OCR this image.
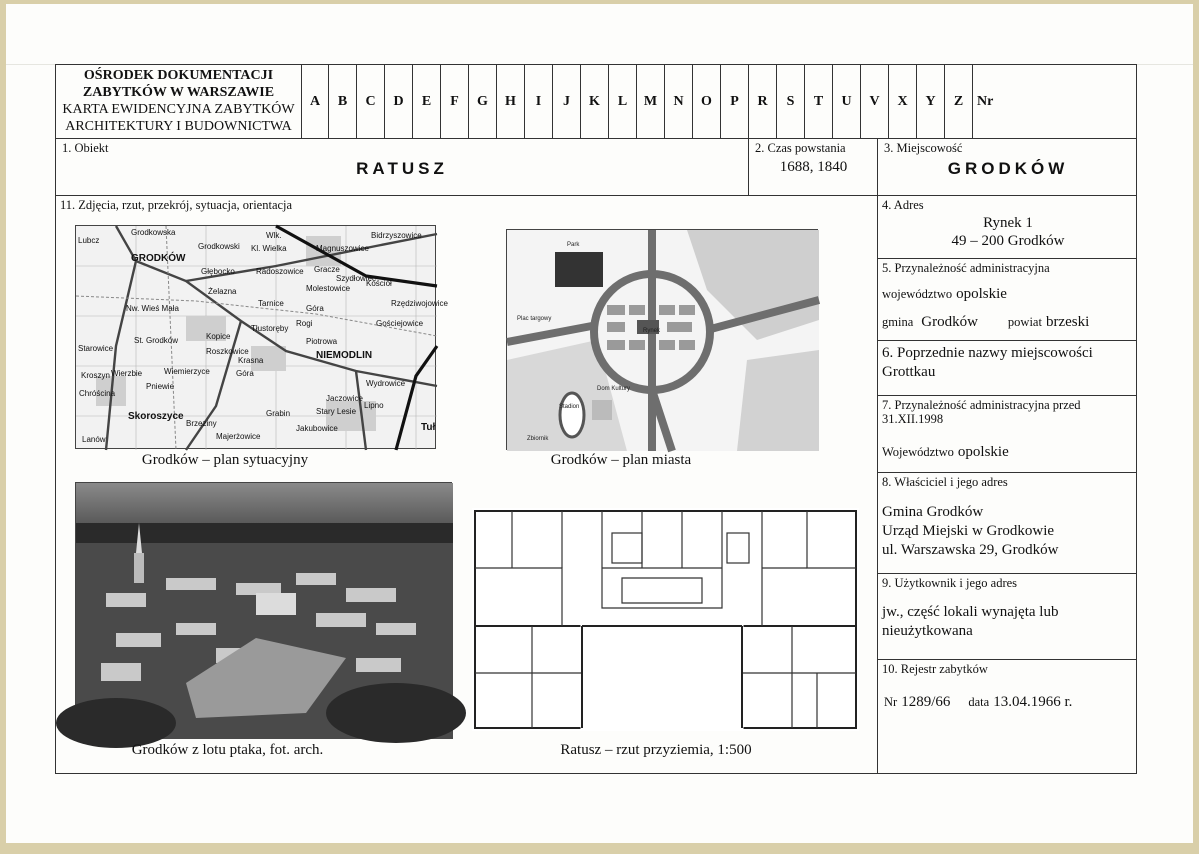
OŚRODEK DOKUMENTACJI
ZABYTKÓW W WARSZAWIE
KARTA EWIDENCYJNA ZABYTKÓW
ARCHITEKTURY I BUDOWNICTWA
A	B	C	D	E	F	G	H	I	J	K	L	M	N	O	P	R	S	T	U	V	X	Y	Z Nr
1. Obiekt
RATUSZ
2. Czas powstania
1688, 1840
3. Miejscowość
GRODKÓW
11. Zdjęcia, rzut, przekrój, sytuacja, orientacja	4. Adres
Rynek 1
49 – 200 Grodków
5. Przynależność administracyjna
województwo opolskie
gmina Grodków powiat brzeski
6. Poprzednie nazwy miejscowości
Grottkau
7. Przynależność administracyjna przed
31.XII.1998
Województwo opolskie
8. Właściciel i jego adres
Gmina Grodków
Urząd Miejski w Grodkowie
ul. Warszawska 29, Grodków
9. Użytkownik i jego adres
jw., część lokali wynajęta lub
nieużytkowana
10. Rejestr zabytków
Nr 1289/66 data 13.04.1966 r.
Grodkowska
Lubcz
GRODKÓW
Grodkowski
Wlk.
Kl. Wielka	Magnuszowice
Bidrzyszowice
Głębocko	Radoszowice Gracze
Szydłowiec
Żelazna	Molestowice
Kościół
Rzędziwojowice
Nw. Wieś Mała
Tarnice
Góra
Kopice
Tłustoręby
Gościejowice
St. Grodków
Roszkowice
Rogi
Starowice
Piotrowa
NIEMODLIN
Kroszyn Wierzbie	Wiemierzyce
Krasna
Chróścina
Pniewie
Góra
Wydrowice
Skoroszyce
Brzeziny
Grabin
Jaczowice
Lipno
Stary Lesie
Tuł
Lanów	Majerżowice
Jakubowice
Grodków – plan sytuacyjny
Park
Plac targowy
Rynek
Stadion
Zbiornik
Dom Kultury
Grodków – plan miasta
Grodków z lotu ptaka, fot. arch.	Ratusz – rzut przyziemia, 1:500
